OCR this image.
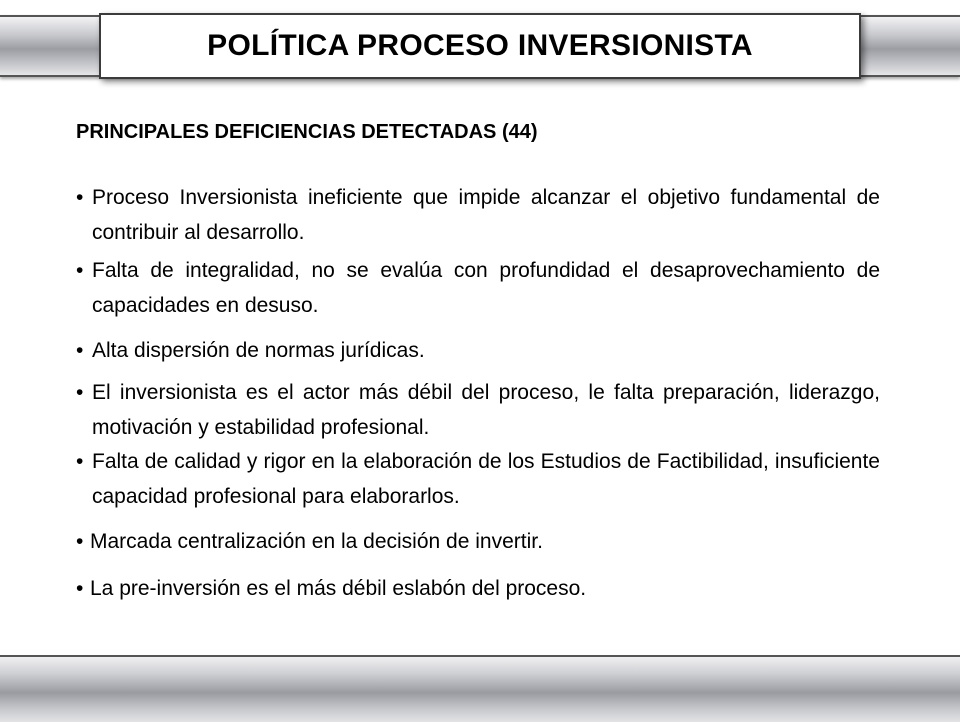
POLÍTICA PROCESO INVERSIONISTA
PRINCIPALES DEFICIENCIAS DETECTADAS (44)
• Proceso Inversionista ineficiente que impide alcanzar el objetivo fundamental de contribuir al desarrollo.
• Falta de integralidad, no se evalúa con profundidad el desaprovechamiento de capacidades en desuso.
• Alta dispersión de normas jurídicas.
• El inversionista es el actor más débil del proceso, le falta preparación, liderazgo, motivación y estabilidad profesional.
• Falta de calidad y rigor en la elaboración de los Estudios de Factibilidad, insuficiente capacidad profesional para elaborarlos.
• Marcada centralización en la decisión de invertir.
• La pre-inversión es el más débil eslabón del proceso.
